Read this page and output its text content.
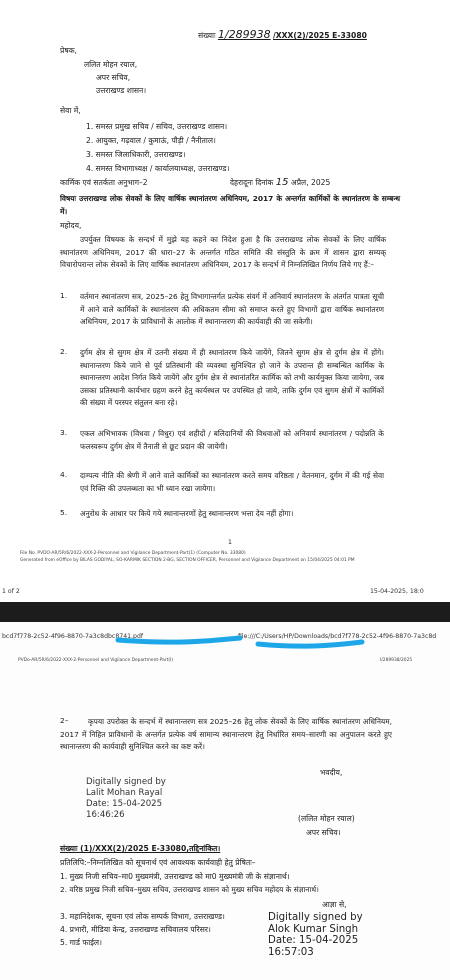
संख्याः 1/289938 /XXX(2)/2025 E-33080
प्रेषक,
ललित मोहन रयाल,
अपर सचिव,
उत्तराखण्ड शासन।
सेवा में,
1. समस्त प्रमुख सचिव / सचिव, उत्तराखण्ड शासन।
2. आयुक्त, गढ़वाल / कुमाऊं, पौड़ी / नैनीताल।
3. समस्त जिलाधिकारी, उत्तराखण्ड।
4. समस्त विभागाध्यक्ष / कार्यालयाध्यक्ष, उत्तराखण्ड।
कार्मिक एवं सतर्कता अनुभाग–2	देहरादूनः दिनांक 15 अप्रैल, 2025
विषयः उत्तराखण्ड लोक सेवकों के लिए वार्षिक स्थानांतरण अधिनियम, 2017 के अन्तर्गत कार्मिकों के स्थानांतरण के सम्बन्ध में।
महोदय,
उपर्युक्त विषयक के सन्दर्भ में मुझे यह कहने का निदेश हुआ है कि उत्तराखण्ड लोक सेवकों के लिए वार्षिक स्थानांतरण अधिनियम, 2017 की धारा–27 के अन्तर्गत गठित समिति की संस्तुति के क्रम में शासन द्वारा सम्यक् विचारोपरान्त लोक सेवकों के लिए वार्षिक स्थानांतरण अधिनियम, 2017 के सन्दर्भ में निम्नलिखित निर्णय लिये गए हैं:–
1. वर्तमान स्थानांतरण सत्र, 2025–26 हेतु विभागान्तर्गत प्रत्येक संवर्ग में अनिवार्य स्थानांतरण के अंतर्गत पात्रता सूची में आने वाले कार्मिकों के स्थानांतरण की अधिकतम सीमा को समाप्त करते हुए विभागों द्वारा वार्षिक स्थानांतरण अधिनियम, 2017 के प्राविधानों के आलोक में स्थानान्तरण की कार्यवाही की जा सकेगी।
2. दुर्गम क्षेत्र से सुगम क्षेत्र में उतनी संख्या में ही स्थानांतरण किये जायेंगे, जितने सुगम क्षेत्र से दुर्गम क्षेत्र में होंगे। स्थानान्तरण किये जाने से पूर्व प्रतिस्थानी की व्यवस्था सुनिश्चित हो जाने के उपरान्त ही सम्बन्धित कार्मिक के स्थानान्तरण आदेश निर्गत किये जायेंगे और दुर्गम क्षेत्र से स्थानांतरित कार्मिक को तभी कार्यमुक्त किया जायेगा, जब उसका प्रतिस्थानी कार्यभार ग्रहण करने हेतु कार्यस्थल पर उपस्थित हो जाये, ताकि दुर्गम एवं सुगम क्षेत्रों में कार्मिकों की संख्या में परस्पर संतुलन बना रहे।
3. एकल अभिभावक (विधवा / विधुर) एवं शहीदों / बलिदानियों की विधवाओं को अनिवार्य स्थानांतरण / पदोन्नति के फलस्वरूप दुर्गम क्षेत्र में तैनाती से छूट प्रदान की जायेगी।
4. दाम्पत्य नीति की श्रेणी में आने वाले कार्मिकों का स्थानांतरण करते समय वरिष्ठता / वेतनमान, दुर्गम में की गई सेवा एवं रिक्ति की उपलब्धता का भी ध्यान रखा जायेगा।
5. अनुरोध के आधार पर किये गये स्थानान्तरणों हेतु स्थानान्तरण भत्ता देय नहीं होगा।
1
File No. PVDO-AR/5R/6/2022-XXX-2-Personnel and Vigilance Department-Part(1) (Computer No. 33080)
Generated from eOffice by BILAS GODIYAL, SO-KARMIK SECTION 2-BG, SECTION OFFICER, Personnel and Vigilance Department on 15/04/2025 04:01 PM
1 of 2	15-04-2025, 18:0
bcd7f778-2c52-4f96-8870-7a3c8dbc8741.pdf	file:///C:/Users/HP/Downloads/bcd7f778-2c52-4f96-8870-7a3c8d
PVDo-AR/5R/6/2022-XXX-2-Personnel and Vigilance Department-Part(I)	I/289938/2025
2–	कृपया उपरोक्त के सन्दर्भ में स्थानान्तरण सत्र 2025–26 हेतु लोक सेवकों के लिए वार्षिक स्थानांतरण अधिनियम, 2017 में निहित प्राविधानों के अन्तर्गत प्रत्येक वर्ष सामान्य स्थानान्तरण हेतु निर्धारित समय–सारणी का अनुपालन करते हुए स्थानान्तरण की कार्यवाही सुनिश्चित करने का कष्ट करें।
भवदीय,
Digitally signed by
Lalit Mohan Rayal
Date: 15-04-2025
16:46:26	(ललित मोहन रयाल)
अपर सचिव।
संख्याः (1)/XXX(2)/2025 E-33080,तद्दिनांकित।
प्रतिलिपि:–निम्नलिखित को सूचनार्थ एवं आवश्यक कार्यवाही हेतु प्रेषितः–
1. मुख्य निजी सचिव–मा0 मुख्यमंत्री, उत्तराखण्ड को मा0 मुख्यमंत्री जी के संज्ञानार्थ।
2. वरिष्ठ प्रमुख निजी सचिव–मुख्य सचिव, उत्तराखण्ड शासन को मुख्य सचिव महोदय के संज्ञानार्थ।
3. महानिदेशक, सूचना एवं लोक सम्पर्क विभाग, उत्तराखण्ड।
4. प्रभारी, मीडिया केन्द्र, उत्तराखण्ड सचिवालय परिसर।
5. गार्ड फाईल।
आज्ञा से,
Digitally signed by
Alok Kumar Singh
Date: 15-04-2025
16:57:03
